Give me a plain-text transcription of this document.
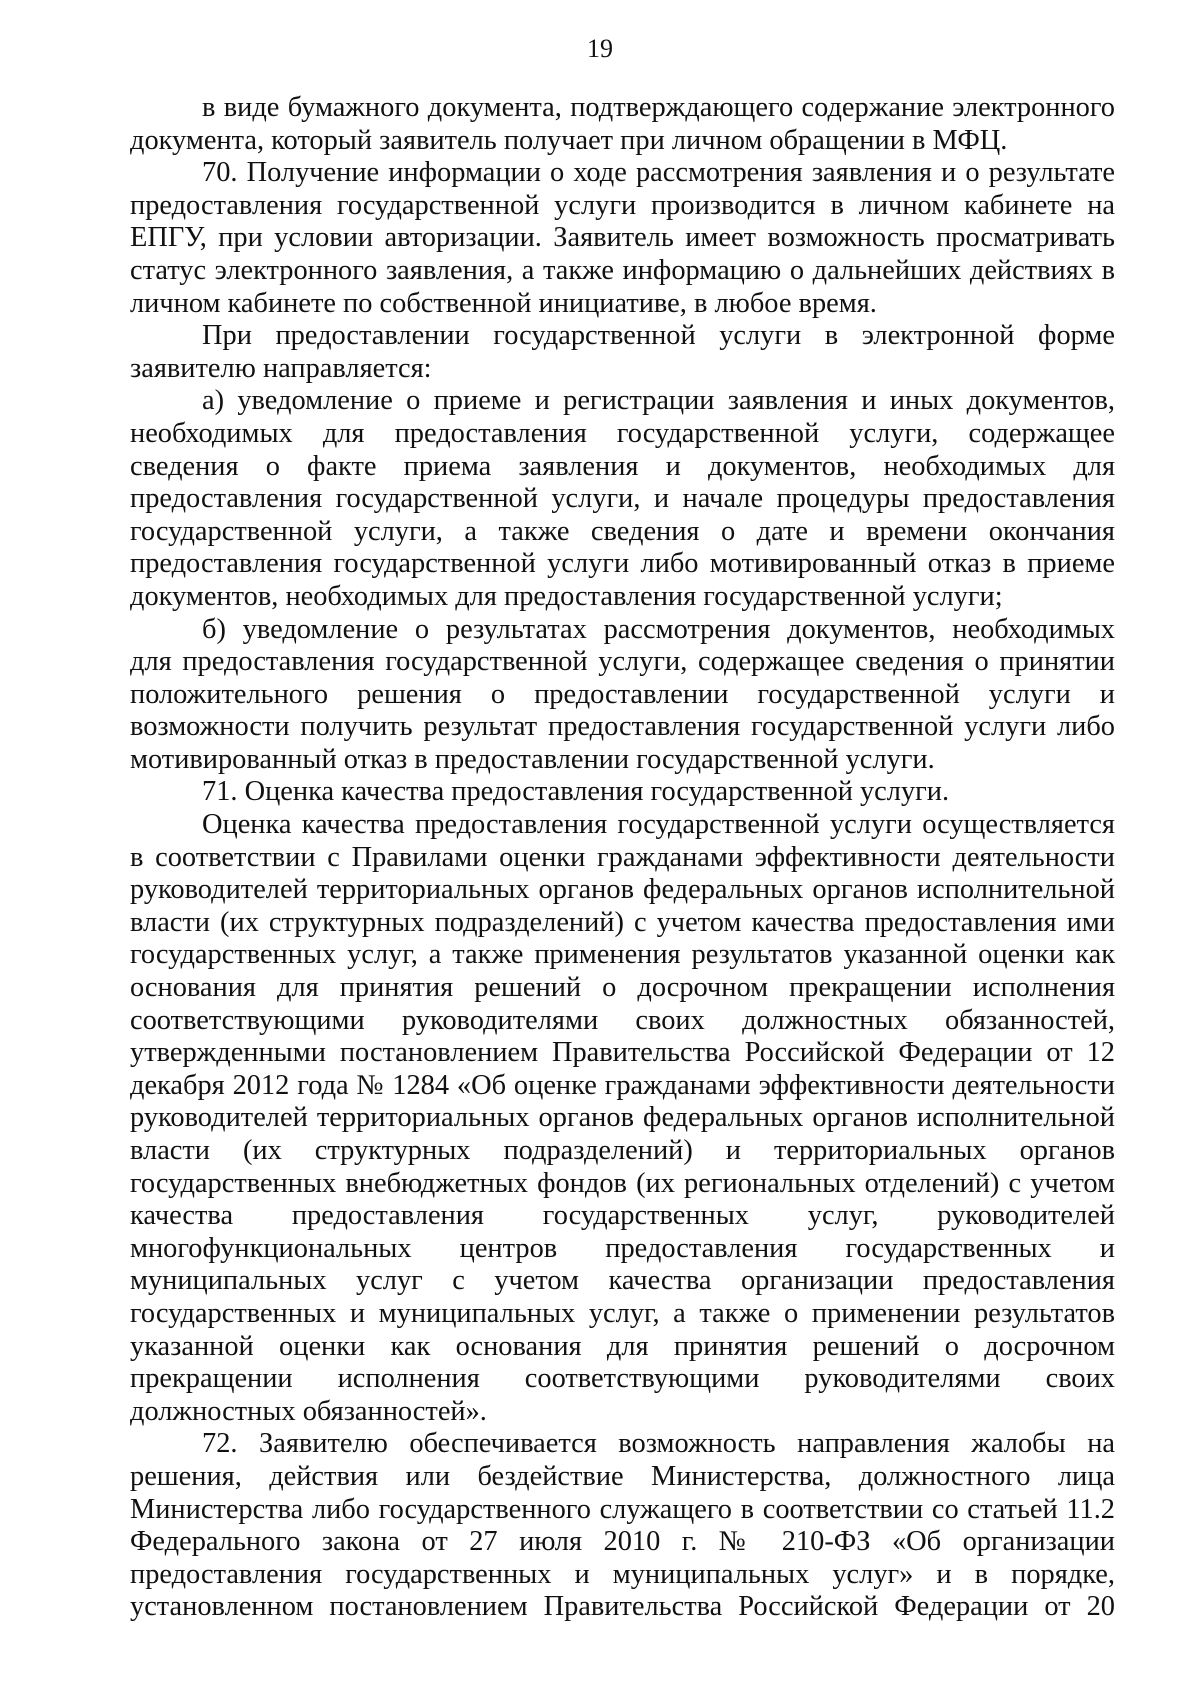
19
в виде бумажного документа, подтверждающего содержание электронного
документа, который заявитель получает при личном обращении в МФЦ.
70. Получение информации о ходе рассмотрения заявления и о результате
предоставления государственной услуги производится в личном кабинете на
ЕПГУ, при условии авторизации. Заявитель имеет возможность просматривать
статус электронного заявления, а также информацию о дальнейших действиях в
личном кабинете по собственной инициативе, в любое время.
При предоставлении государственной услуги в электронной форме
заявителю направляется:
а) уведомление о приеме и регистрации заявления и иных документов,
необходимых для предоставления государственной услуги, содержащее
сведения о факте приема заявления и документов, необходимых для
предоставления государственной услуги, и начале процедуры предоставления
государственной услуги, а также сведения о дате и времени окончания
предоставления государственной услуги либо мотивированный отказ в приеме
документов, необходимых для предоставления государственной услуги;
б) уведомление о результатах рассмотрения документов, необходимых
для предоставления государственной услуги, содержащее сведения о принятии
положительного решения о предоставлении государственной услуги и
возможности получить результат предоставления государственной услуги либо
мотивированный отказ в предоставлении государственной услуги.
71. Оценка качества предоставления государственной услуги.
Оценка качества предоставления государственной услуги осуществляется
в соответствии с Правилами оценки гражданами эффективности деятельности
руководителей территориальных органов федеральных органов исполнительной
власти (их структурных подразделений) с учетом качества предоставления ими
государственных услуг, а также применения результатов указанной оценки как
основания для принятия решений о досрочном прекращении исполнения
соответствующими руководителями своих должностных обязанностей,
утвержденными постановлением Правительства Российской Федерации от 12
декабря 2012 года № 1284 «Об оценке гражданами эффективности деятельности
руководителей территориальных органов федеральных органов исполнительной
власти (их структурных подразделений) и территориальных органов
государственных внебюджетных фондов (их региональных отделений) с учетом
качества предоставления государственных услуг, руководителей
многофункциональных центров предоставления государственных и
муниципальных услуг с учетом качества организации предоставления
государственных и муниципальных услуг, а также о применении результатов
указанной оценки как основания для принятия решений о досрочном
прекращении исполнения соответствующими руководителями своих
должностных обязанностей».
72. Заявителю обеспечивается возможность направления жалобы на
решения, действия или бездействие Министерства, должностного лица
Министерства либо государственного служащего в соответствии со статьей 11.2
Федерального закона от 27 июля 2010 г. № 210-ФЗ «Об организации
предоставления государственных и муниципальных услуг» и в порядке,
установленном постановлением Правительства Российской Федерации от 20
